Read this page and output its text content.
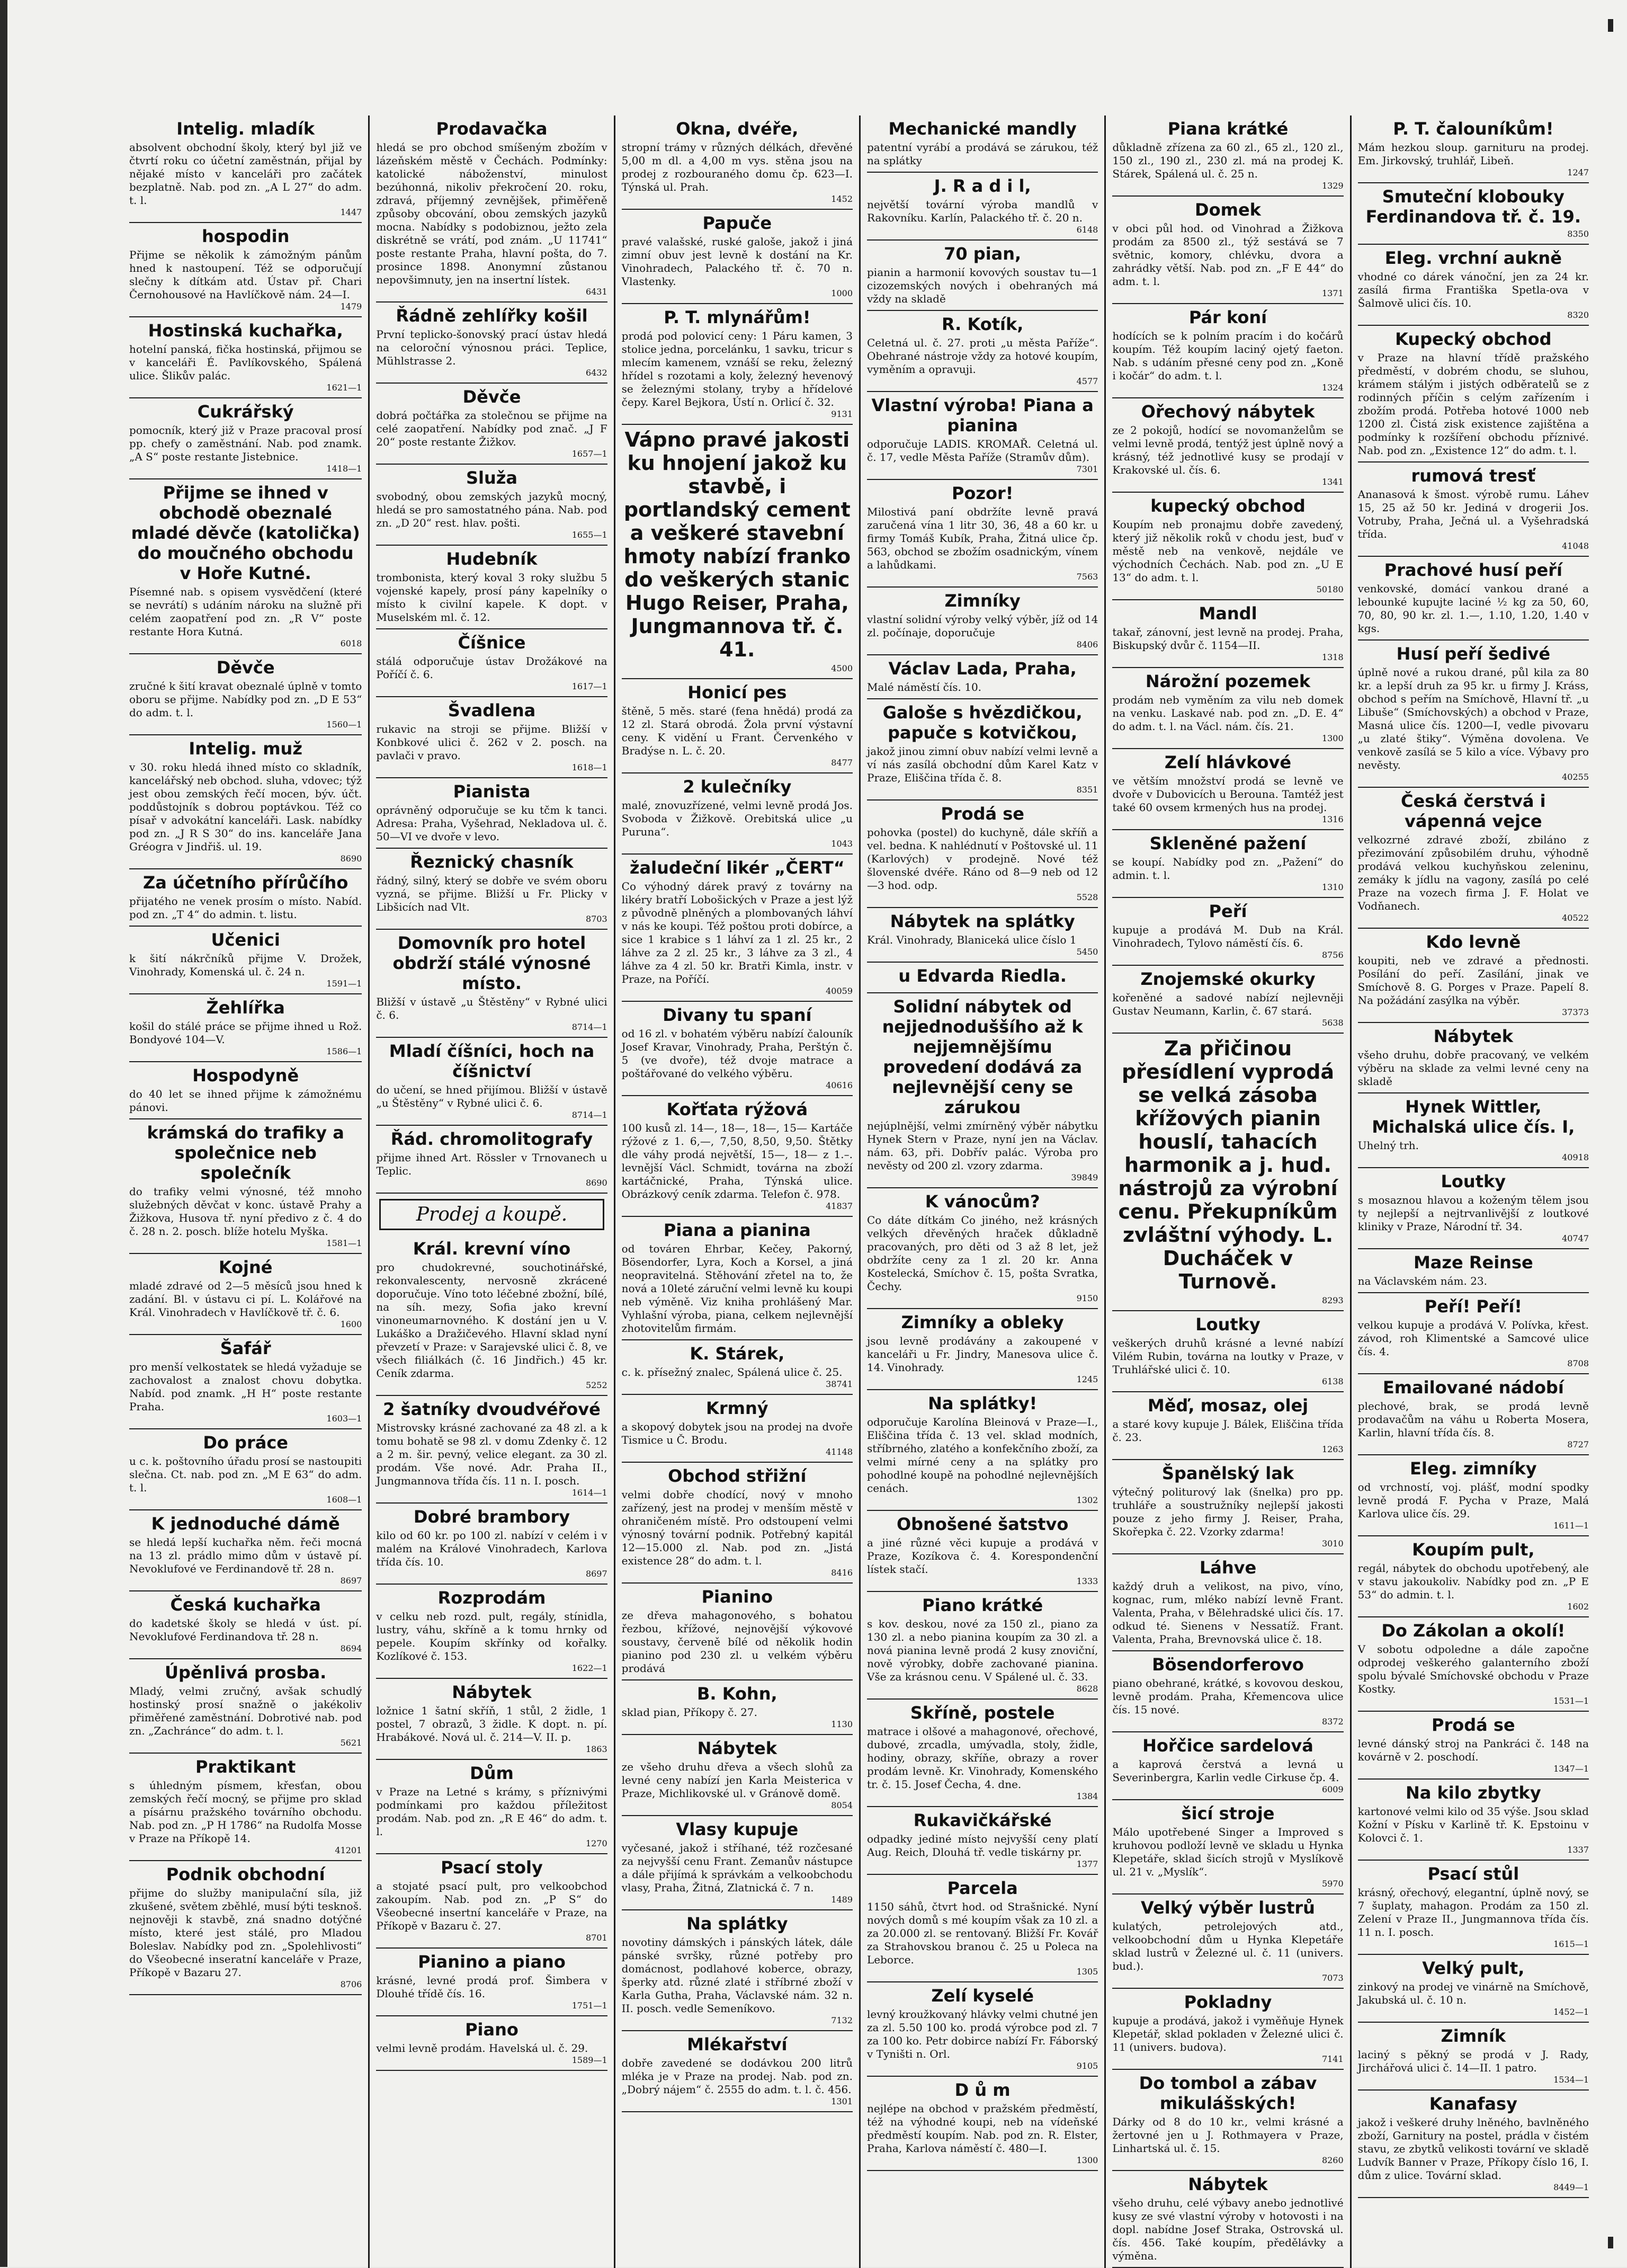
Intelig. mladík

absolvent obchodní školy, který byl již ve čtvrtí roku co účetní zaměstnán, přijal by nějaké místo v kanceláři pro začátek bezplatně. Nab. pod zn. „A L 27“ do adm. t. l.

1447
hospodin

Přijme se několik k zámožným pánům hned k nastoupení. Též se odporučují slečny k dítkám atd. Ústav př. Chari Černohousové na Havlíčkově nám. 24—I.

1479
Hostinská kuchařka,

hotelní panská, fička hostinská, přijmou se v kanceláři É. Pavlíkovského, Spálená ulice. Šlikův palác.

1621—1
Cukrářský

pomocník, který již v Praze pracoval prosí pp. chefy o zaměstnání. Nab. pod znamk. „A S“ poste restante Jistebnice.

1418—1
Přijme se ihned v obchodě obeznalé mladé děvče (katolička) do moučného obchodu v Hoře Kutné.

Písemné nab. s opisem vysvědčení (které se nevrátí) s udáním nároku na služně při celém zaopatření pod zn. „R V“ poste restante Hora Kutná.

6018
Děvče

zručné k šití kravat obeznalé úplně v tomto oboru se přijme. Nabídky pod zn. „D E 53“ do adm. t. l.

1560—1
Intelig. muž

v 30. roku hledá ihned místo co skladník, kancelářský neb obchod. sluha, vdovec; týž jest obou zemských řečí mocen, býv. účt. poddůstojník s dobrou poptávkou. Též co písař v advokátní kanceláři. Lask. nabídky pod zn. „J R S 30“ do ins. kanceláře Jana Gréogra v Jindřiš. ul. 19.

8690
Za účetního přírůčího

přijatého ne venek prosím o místo. Nabíd. pod zn. „T 4“ do admin. t. listu.

Učenici

k šití nákrčníků přijme V. Drožek, Vinohrady, Komenská ul. č. 24 n.

1591—1
Žehlířka

košil do stálé práce se přijme ihned u Rož. Bondyové 104—V.

1586—1
Hospodyně

do 40 let se ihned přijme k zámožnému pánovi.

krámská do trafiky a společnice neb společník

do trafiky velmi výnosné, též mnoho služebných děvčat v konc. ústavě Prahy a Žižkova, Husova tř. nyní předivo z č. 4 do č. 28 n. 2. posch. blíže hotelu Myška.

1581—1
Kojné

mladé zdravé od 2—5 měsíců jsou hned k zadání. Bl. v ústavu ci pí. L. Kolářové na Král. Vinohradech v Havlíčkově tř. č. 6.

1600
Šafář

pro menší velkostatek se hledá vyžaduje se zachovalost a znalost chovu dobytka. Nabíd. pod znamk. „H H“ poste restante Praha.

1603—1
Do práce

u c. k. poštovního úřadu prosí se nastoupiti slečna. Ct. nab. pod zn. „M E 63“ do adm. t. l.

1608—1
K jednoduché dámě

se hledá lepší kuchařka něm. řeči mocná na 13 zl. prádlo mimo dům v ústavě pí. Nevoklufové ve Ferdinandově tř. 28 n.

8697
Česká kuchařka

do kadetské školy se hledá v úst. pí. Nevoklufové Ferdinandova tř. 28 n.

8694
Úpěnlivá prosba.

Mladý, velmi zručný, avšak schudlý hostinský prosí snažně o jakékoliv přiměřené zaměstnání. Dobrotivé nab. pod zn. „Zachránce“ do adm. t. l.

5621
Praktikant

s úhledným písmem, křesťan, obou zemských řečí mocný, se přijme pro sklad a písárnu pražského továrního obchodu. Nab. pod zn. „P H 1786“ na Rudolfa Mosse v Praze na Příkopě 14.

41201
Podnik obchodní

přijme do služby manipulační síla, již zkušené, světem zběhlé, musí býti tesknoš. nejnověji k stavbě, zná snadno dotýčné místo, které jest stálé, pro Mladou Boleslav. Nabídky pod zn. „Spolehlivosti“ do Všeobecné inseratní kanceláře v Praze, Příkopě v Bazaru 27.

8706
Prodavačka

hledá se pro obchod smíšeným zbožím v lázeňském městě v Čechách. Podmínky: katolické náboženství, minulost bezúhonná, nikoliv překročení 20. roku, zdravá, příjemný zevnějšek, přiměřeně způsoby obcování, obou zemských jazyků mocna. Nabídky s podobiznou, ježto zela diskrétně se vrátí, pod znám. „U 11741“ poste restante Praha, hlavní pošta, do 7. prosince 1898. Anonymní zůstanou nepovšimnuty, jen na insertní lístek.

6431
Řádně zehlířky košil

První teplicko-šonovský prací ústav hledá na celoroční výnosnou práci. Teplice, Mühlstrasse 2.

6432
Děvče

dobrá počtářka za stolečnou se přijme na celé zaopatření. Nabídky pod znač. „J F 20“ poste restante Žižkov.

1657—1
Služa

svobodný, obou zemských jazyků mocný, hledá se pro samostatného pána. Nab. pod zn. „D 20“ rest. hlav. pošti.

1655—1
Hudebník

trombonista, který koval 3 roky službu 5 vojenské kapely, prosí pány kapelníky o místo k civilní kapele. K dopt. v Muselském ml. č. 12.

Číšnice

stálá odporučuje ústav Drožákové na Poříčí č. 6.

1617—1
Švadlena

rukavic na stroji se přijme. Bližší v Konbkové ulici č. 262 v 2. posch. na pavlači v pravo.

1618—1
Pianista

oprávněný odporučuje se ku tčm k tanci. Adresa: Praha, Vyšehrad, Nekladova ul. č. 50—VI ve dvoře v levo.

Řeznický chasník

řádný, silný, který se dobře ve svém oboru vyzná, se přijme. Bližší u Fr. Plicky v Libšicích nad Vlt.

8703
Domovník pro hotel obdrží stálé výnosné místo.

Bližší v ústavě „u Štěstěny“ v Rybné ulici č. 6.

8714—1
Mladí číšníci, hoch na číšnictví

do učení, se hned přijímou. Bližší v ústavě „u Štěstěny“ v Rybné ulici č. 6.

8714—1
Řád. chromolitografy

přijme ihned Art. Rössler v Trnovanech u Teplic.

8690
Prodej a koupě.
Král. krevní víno

pro chudokrevné, souchotinářské, rekonvalescenty, nervosně zkrácené doporučuje. Víno toto léčebné zbožní, bílé, na síh. mezy, Sofia jako krevní vinoneumarnovného. K dostání jen u V. Lukáško a Dražičevého. Hlavní sklad nyní převzetí v Praze: v Sarajevské ulici č. 8, ve všech filiálkách (č. 16 Jindřich.) 45 kr. Ceník zdarma.

5252
2 šatníky dvoudvéřové

Mistrovsky krásné zachované za 48 zl. a k tomu bohatě se 98 zl. v domu Zdenky č. 12 a 2 m. šir. pevný, velice elegant. za 30 zl. prodám. Vše nové. Adr. Praha II., Jungmannova třída čís. 11 n. I. posch.

1614—1
Dobré brambory

kilo od 60 kr. po 100 zl. nabízí v celém i v malém na Králové Vinohradech, Karlova třída čís. 10.

8697
Rozprodám

v celku neb rozd. pult, regály, stínidla, lustry, váhu, skříně a k tomu hrnky od pepele. Koupím skřínky od kořalky. Kozlíkové č. 153.

1622—1
Nábytek

ložnice 1 šatní skříň, 1 stůl, 2 židle, 1 postel, 7 obrazů, 3 židle. K dopt. n. pí. Hrabákové. Nová ul. č. 214—V. II. p.

1863
Dům

v Praze na Letné s krámy, s příznivými podmínkami pro každou příležitost prodám. Nab. pod zn. „R E 46“ do adm. t. l.

1270
Psací stoly

a stojaté psací pult, pro velkoobchod zakoupím. Nab. pod zn. „P S“ do Všeobecné insertní kanceláře v Praze, na Příkopě v Bazaru č. 27.

8701
Pianino a piano

krásné, levné prodá prof. Šimbera v Dlouhé třídě čís. 16.

1751—1
Piano

velmi levně prodám. Havelská ul. č. 29.

1589—1
Okna, dvéře,

stropní trámy v různých délkách, dřevěné 5,00 m dl. a 4,00 m vys. stěna jsou na prodej z rozbouraného domu čp. 623—I. Týnská ul. Prah.

1452
Papuče

pravé valašské, ruské galoše, jakož i jiná zimní obuv jest levně k dostání na Kr. Vinohradech, Palackého tř. č. 70 n. Vlastenky.

1000
P. T. mlynářům!

prodá pod polovicí ceny: 1 Páru kamen, 3 stolice jedna, porcelánku, 1 savku, tricur s mlecím kamenem, vznáší se reku, železný hřídel s rozotami a koly, železný hevenový se železnými stolany, tryby a hřídelové čepy. Karel Bejkora, Ústí n. Orlicí č. 32.

9131
Vápno pravé jakosti ku hnojení jakož ku stavbě, i portlandský cement a veškeré stavební hmoty nabízí franko do veškerých stanic Hugo Reiser, Praha, Jungmannova tř. č. 41.
4500
Honicí pes

štěně, 5 měs. staré (fena hnědá) prodá za 12 zl. Stará obrodá. Žola první výstavní ceny. K vidění u Frant. Červenkého v Bradýse n. L. č. 20.

8477
2 kulečníky

malé, znovuzřízené, velmi levně prodá Jos. Svoboda v Žižkově. Orebitská ulice „u Puruna“.

1043
žaludeční likér „ČERT“

Co výhodný dárek pravý z továrny na likéry bratří Lobošických v Praze a jest lýž z původně plněných a plombovaných láhví v nás ke koupi. Též poštou proti dobírce, a sice 1 krabice s 1 láhví za 1 zl. 25 kr., 2 láhve za 2 zl. 25 kr., 3 láhve za 3 zl., 4 láhve za 4 zl. 50 kr. Bratři Kimla, instr. v Praze, na Poříčí.

40059
Divany tu spaní

od 16 zl. v bohatém výběru nabízí čalouník Josef Kravar, Vinohrady, Praha, Perštýn č. 5 (ve dvoře), též dvoje matrace a poštářované do velkého výběru.

40616
Kořťata rýžová

100 kusů zl. 14—, 18—, 18—, 15— Kartáče rýžové z 1. 6,—, 7,50, 8,50, 9,50. Štětky dle váhy prodá největší, 15—, 18— z 1.–. levnější Václ. Schmidt, továrna na zboží kartáčnické, Praha, Týnská ulice. Obrázkový ceník zdarma. Telefon č. 978.

41837
Piana a pianina

od továren Ehrbar, Kečey, Pakorný, Bösendorfer, Lyra, Koch a Korsel, a jiná neopravitelná. Stěhování zřetel na to, že nová a 10leté záruční velmi levně ku koupi neb výměně. Viz kniha prohlášený Mar. Vyhlašní výroba, piana, celkem nejlevnější zhotovitelům firmám.

K. Stárek,

c. k. přísežný znalec, Spálená ulice č. 25.

38741
Krmný

a skopový dobytek jsou na prodej na dvoře Tismice u Č. Brodu.

41148
Obchod střižní

velmi dobře chodící, nový v mnoho zařízený, jest na prodej v menším městě v ohraničeném místě. Pro odstoupení velmi výnosný tovární podnik. Potřebný kapitál 12—15.000 zl. Nab. pod zn. „Jistá existence 28“ do adm. t. l.

8416
Pianino

ze dřeva mahagonového, s bohatou řezbou, křížové, nejnovější výkovové soustavy, červeně bílé od několik hodin pianino pod 230 zl. u velkém výběru prodává

B. Kohn,

sklad pian, Příkopy č. 27.

1130
Nábytek

ze všeho druhu dřeva a všech slohů za levné ceny nabízí jen Karla Meisterica v Praze, Michlikovské ul. v Gránově domě.

8054
Vlasy kupuje

vyčesané, jakož i stříhané, též rozčesané za nejvyšší cenu Frant. Zemanův nástupce a dále přijímá k správkám a velkoobchodu vlasy, Praha, Žitná, Zlatnická č. 7 n.

1489
Na splátky

novotiny dámských i pánských látek, dále pánské svršky, různé potřeby pro domácnost, podlahové koberce, obrazy, šperky atd. různé zlaté i stříbrné zboží v Karla Gutha, Praha, Václavské nám. 32 n. II. posch. vedle Semeníkovo.

7132
Mlékařství

dobře zavedené se dodávkou 200 litrů mléka je v Praze na prodej. Nab. pod zn. „Dobrý nájem“ č. 2555 do adm. t. l. č. 456.

1301
Mechanické mandly

patentní vyrábí a prodává se zárukou, též na splátky

J. R a d i l,

největší tovární výroba mandlů v Rakovníku. Karlín, Palackého tř. č. 20 n.

6148
70 pian,

pianin a harmonií kovových soustav tu—1 cizozemských nových i obehraných má vždy na skladě

R. Kotík,

Celetná ul. č. 27. proti „u města Paříže“. Obehrané nástroje vždy za hotové koupím, vyměním a opravuji.

4577
Vlastní výroba! Piana a pianina

odporučuje LADIS. KROMAŘ. Celetná ul. č. 17, vedle Města Paříže (Stramův dům).

7301
Pozor!

Milostivá paní obdržíte levně pravá zaručená vína 1 litr 30, 36, 48 a 60 kr. u firmy Tomáš Kubík, Praha, Žitná ulice čp. 563, obchod se zbožím osadnickým, vínem a lahůdkami.

7563
Zimníky

vlastní solidní výroby velký výběr, jíž od 14 zl. počínaje, doporučuje

8406
Václav Lada, Praha,

Malé náměstí čís. 10.

Galoše s hvězdičkou, papuče s kotvičkou,

jakož jinou zimní obuv nabízí velmi levně a ví nás zasílá obchodní dům Karel Katz v Praze, Eliščina třída č. 8.

8351
Prodá se

pohovka (postel) do kuchyně, dále skříň a vel. bedna. K nahlédnutí v Poštovské ul. 11 (Karlových) v prodejně. Nové též šlovenské dvéře. Ráno od 8—9 neb od 12—3 hod. odp.

5528
Nábytek na splátky

Král. Vinohrady, Blaniceká ulice číslo 1

5450
u Edvarda Riedla.
Solidní nábytek od nejjednoduššího až k nejjemnějšímu provedení dodává za nejlevnější ceny se zárukou

nejúplnější, velmi zmírněný výběr nábytku Hynek Stern v Praze, nyní jen na Václav. nám. 63, při. Dobřív palác. Výroba pro nevěsty od 200 zl. vzory zdarma.

39849
K vánocům?

Co dáte dítkám Co jiného, než krásných velkých dřevěných hraček důkladně pracovaných, pro děti od 3 až 8 let, jež obdržíte ceny za 1 zl. 20 kr. Anna Kostelecká, Smíchov č. 15, pošta Svratka, Čechy.

9150
Zimníky a obleky

jsou levně prodávány a zakoupené v kanceláři u Fr. Jindry, Manesova ulice č. 14. Vinohrady.

1245
Na splátky!

odporučuje Karolína Bleinová v Praze—I., Eliščina třída č. 13 vel. sklad modních, stříbrného, zlatého a konfekčního zboží, za velmi mírné ceny a na splátky pro pohodlné koupě na pohodlné nejlevnějších cenách.

1302
Obnošené šatstvo

a jiné různé věci kupuje a prodává v Praze, Kozíkova č. 4. Korespondenční lístek stačí.

1333
Piano krátké

s kov. deskou, nové za 150 zl., piano za 130 zl. a nebo pianina koupím za 30 zl. a nová pianina levně prodá 2 kusy znoviční, nově výrobky, dobře zachované pianina. Vše za krásnou cenu. V Spálené ul. č. 33.

8628
Skříně, postele

matrace i olšové a mahagonové, ořechové, dubové, zrcadla, umývadla, stoly, židle, hodiny, obrazy, skříňe, obrazy a rover prodám levně. Kr. Vinohrady, Komenského tr. č. 15. Josef Čecha, 4. dne.

1384
Rukavičkářské

odpadky jediné místo nejvyšší ceny platí Aug. Reich, Dlouhá tř. vedle tiskárny pr.

1377
Parcela

1150 sáhů, čtvrt hod. od Strašnické. Nyní nových domů s mé koupím však za 10 zl. a za 20.000 zl. se rentovaný. Bližší Fr. Kovář za Strahovskou branou č. 25 u Poleca na Leborce.

1305
Zelí kyselé

levný kroužkovaný hlávky velmi chutné jen za zl. 5.50 100 ko. prodá výrobce pod zl. 7 za 100 ko. Petr dobirce nabízí Fr. Fáborský v Tyništi n. Orl.

9105
D ů m

nejlépe na obchod v pražském předměstí, též na výhodné koupi, neb na vídeňské předměstí koupím. Nab. pod zn. R. Elster, Praha, Karlova náměstí č. 480—I.

1300
Piana krátké

důkladně zřízena za 60 zl., 65 zl., 120 zl., 150 zl., 190 zl., 230 zl. má na prodej K. Stárek, Spálená ul. č. 25 n.

1329
Domek

v obci půl hod. od Vinohrad a Žižkova prodám za 8500 zl., týž sestává se 7 světnic, komory, chlévku, dvora a zahrádky větší. Nab. pod zn. „F E 44“ do adm. t. l.

1371
Pár koní

hodících se k polním pracím i do kočárů koupím. Též koupím laciný ojetý faeton. Nab. s udáním přesné ceny pod zn. „Koně i kočár“ do adm. t. l.

1324
Ořechový nábytek

ze 2 pokojů, hodící se novomanželům se velmi levně prodá, tentýž jest úplně nový a krásný, též jednotlivé kusy se prodají v Krakovské ul. čís. 6.

1341
kupecký obchod

Koupím neb pronajmu dobře zavedený, který již několik roků v chodu jest, buď v městě neb na venkově, nejdále ve východních Čechách. Nab. pod zn. „U E 13“ do adm. t. l.

50180
Mandl

takař, zánovní, jest levně na prodej. Praha, Biskupský dvůr č. 1154—II.

1318
Nárožní pozemek

prodám neb vyměním za vilu neb domek na venku. Laskavé nab. pod zn. „D. E. 4“ do adm. t. l. na Václ. nám. čís. 21.

1300
Zelí hlávkové

ve větším množství prodá se levně ve dvoře v Dubovicích u Berouna. Tamtéž jest také 60 ovsem krmených hus na prodej.

1316
Skleněné pažení

se koupí. Nabídky pod zn. „Pažení“ do admin. t. l.

1310
Peří

kupuje a prodává M. Dub na Král. Vinohradech, Tylovo náměstí čís. 6.

8756
Znojemské okurky

kořeněné a sadové nabízí nejlevněji Gustav Neumann, Karlin, č. 67 stará.

5638
Za přičinou přesídlení vyprodá se velká zásoba křížových pianin houslí, tahacích harmonik a j. hud. nástrojů za výrobní cenu. Překupníkům zvláštní výhody. L. Ducháček v Turnově.
8293
Loutky

veškerých druhů krásné a levné nabízí Vilém Rubin, továrna na loutky v Praze, v Truhlářské ulici č. 10.

6138
Měď, mosaz, olej

a staré kovy kupuje J. Bálek, Eliščina třída č. 23.

1263
Španělský lak

výtečný politurový lak (šnelka) pro pp. truhláře a soustružníky nejlepší jakosti pouze z jeho firmy J. Reiser, Praha, Skořepka č. 22. Vzorky zdarma!

3010
Láhve

každý druh a velikost, na pivo, víno, kognac, rum, mléko nabízí levně Frant. Valenta, Praha, v Bělehradské ulici čís. 17. odkud té. Sienens v Nessatíž. Frant. Valenta, Praha, Brevnovská ulice č. 18.

Bösendorferovo

piano obehrané, krátké, s kovovou deskou, levně prodám. Praha, Křemencova ulice čís. 15 nové.

8372
Hořčice sardelová

a kaprová čerstvá a levná u Severinbergra, Karlin vedle Cirkuse čp. 4.

6009
šicí stroje

Málo upotřebené Singer a Improved s kruhovou podloží levně ve skladu u Hynka Klepetáře, sklad šicích strojů v Myslíkově ul. 21 v. „Myslík“.

5970
Velký výběr lustrů

kulatých, petrolejových atd., velkoobchodní dům u Hynka Klepetáře sklad lustrů v Železné ul. č. 11 (univers. bud.).

7073
Pokladny

kupuje a prodává, jakož i vyměňuje Hynek Klepetář, sklad pokladen v Železné ulici č. 11 (univers. budova).

7141
Do tombol a zábav mikulášských!

Dárky od 8 do 10 kr., velmi krásné a žertovné jen u J. Rothmayera v Praze, Linhartská ul. č. 15.

8260
Nábytek

všeho druhu, celé výbavy anebo jednotlivé kusy ze své vlastní výroby v hotovosti i na dopl. nabídne Josef Straka, Ostrovská ul. čís. 456. Také koupím, předělávky a výměna.

P. T. čalouníkům!

Mám hezkou sloup. garnituru na prodej. Em. Jirkovský, truhlář, Libeň.

1247
Smuteční klobouky Ferdinandova tř. č. 19.
8350
Eleg. vrchní aukně

vhodné co dárek vánoční, jen za 24 kr. zasílá firma Františka Spetla-ova v Šalmově ulici čís. 10.

8320
Kupecký obchod

v Praze na hlavní třídě pražského předměstí, v dobrém chodu, se sluhou, krámem stálým i jistých odběratelů se z rodinných příčin s celým zařízením i zbožím prodá. Potřeba hotové 1000 neb 1200 zl. Čistá zisk existence zajištěna a podmínky k rozšíření obchodu příznivé. Nab. pod zn. „Existence 12“ do adm. t. l.

rumová tresť

Ananasová k šmost. výrobě rumu. Láhev 15, 25 až 50 kr. Jediná v drogerii Jos. Votruby, Praha, Ječná ul. a Vyšehradská třída.

41048
Prachové husí peří

venkovské, domácí vankou drané a lebounké kupujte laciné ½ kg za 50, 60, 70, 80, 90 kr. zl. 1.—, 1.10, 1.20, 1.40 v kgs.

Husí peří šedivé

úplně nové a rukou drané, půl kila za 80 kr. a lepší druh za 95 kr. u firmy J. Kráss, obchod s peřím na Smíchově, Hlavní tř. „u Libuše“ (Smíchovských) a obchod v Praze, Masná ulice čís. 1200—I, vedle pivovaru „u zlaté štiky“. Výměna dovolena. Ve venkově zasílá se 5 kilo a více. Výbavy pro nevěsty.

40255
Česká čerstvá i vápenná vejce

velkozrné zdravé zboží, zbiláno z přezimování způsobilém druhu, výhodně prodává velkou kuchyňskou zeleninu, zemáky k jídlu na vagony, zasílá po celé Praze na vozech firma J. F. Holat ve Vodňanech.

40522
Kdo levně

koupiti, neb ve zdravé a přednosti. Posílání do peří. Zasílání, jinak ve Smíchově 8. G. Porges v Praze. Papelí 8. Na požádání zasýlka na výběr.

37373
Nábytek

všeho druhu, dobře pracovaný, ve velkém výběru na sklade za velmi levné ceny na skladě

Hynek Wittler, Michalská ulice čís. I,

Uhelný trh.

40918
Loutky

s mosaznou hlavou a koženým tělem jsou ty nejlepší a nejtrvanlivější z loutkové kliniky v Praze, Národní tř. 34.

40747
Maze Reinse

na Václavském nám. 23.

Peří! Peří!

velkou kupuje a prodává V. Polívka, křest. závod, roh Klimentské a Samcové ulice čís. 4.

8708
Emailované nádobí

plechové, brak, se prodá levně prodavačům na váhu u Roberta Mosera, Karlin, hlavní třída čís. 8.

8727
Eleg. zimníky

od vrchností, voj. plášť, modní spodky levně prodá F. Pycha v Praze, Malá Karlova ulice čís. 29.

1611—1
Koupím pult,

regál, nábytek do obchodu upotřebený, ale v stavu jakoukoliv. Nabídky pod zn. „P E 53“ do admin. t. l.

1602
Do Zákolan a okolí!

V sobotu odpoledne a dále započne odprodej veškerého galanterního zboží spolu bývalé Smíchovské obchodu v Praze Kostky.

1531—1
Prodá se

levné dánský stroj na Pankráci č. 148 na kovárně v 2. poschodí.

1347—1
Na kilo zbytky

kartonové velmi kilo od 35 výše. Jsou sklad Kožní v Písku v Karlině tř. K. Epstoinu v Kolovci č. 1.

1337
Psací stůl

krásný, ořechový, elegantní, úplně nový, se 7 šuplaty, mahagon. Prodám za 150 zl. Zelení v Praze II., Jungmannova třída čís. 11 n. I. posch.

1615—1
Velký pult,

zinkový na prodej ve vinárně na Smíchově, Jakubská ul. č. 10 n.

1452—1
Zimník

laciný s pěkný se prodá v J. Rady, Jirchářová ulici č. 14—II. 1 patro.

1534—1
Kanafasy

jakož i veškeré druhy lněného, bavlněného zboží, Garnitury na postel, prádla v čistém stavu, ze zbytků velikosti tovární ve skladě Ludvík Banner v Praze, Příkopy číslo 16, I. dům z ulice. Tovární sklad.

8449—1
